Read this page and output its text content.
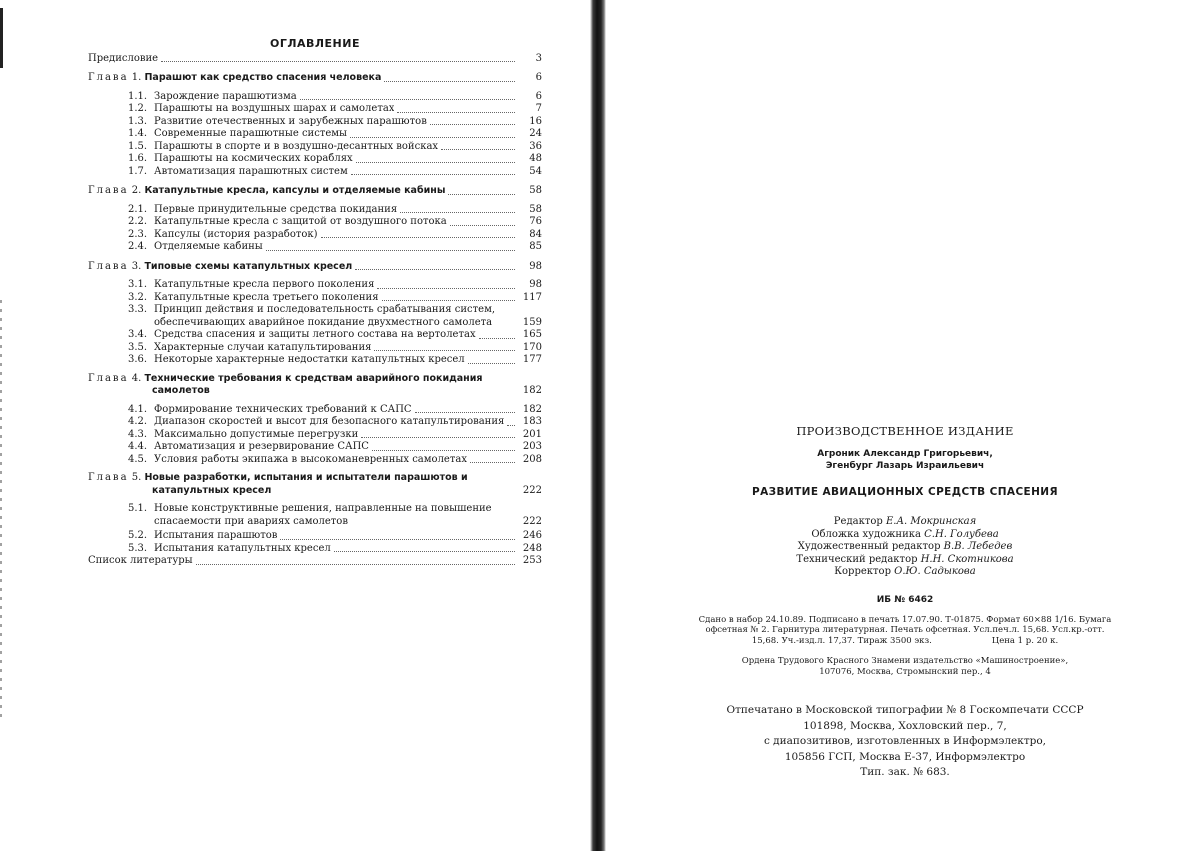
ОГЛАВЛЕНИЕ
Предисловие	3
Глава 1. Парашют как средство спасения человека	6
1.1. Зарождение парашютизма	6
1.2. Парашюты на воздушных шарах и самолетах	7
1.3. Развитие отечественных и зарубежных парашютов	16
1.4. Современные парашютные системы	24
1.5. Парашюты в спорте и в воздушно-десантных войсках	36
1.6. Парашюты на космических кораблях	48
1.7. Автоматизация парашютных систем	54
Глава 2. Катапультные кресла, капсулы и отделяемые кабины	58
2.1. Первые принудительные средства покидания	58
2.2. Катапультные кресла с защитой от воздушного потока	76
2.3. Капсулы (история разработок)	84
2.4. Отделяемые кабины	85
Глава 3. Типовые схемы катапультных кресел	98
3.1. Катапультные кресла первого поколения	98
3.2. Катапультные кресла третьего поколения	117
3.3. Принцип действия и последовательность срабатывания систем,
обеспечивающих аварийное покидание двухместного самолета	159
3.4. Средства спасения и защиты летного состава на вертолетах	165
3.5. Характерные случаи катапультирования	170
3.6. Некоторые характерные недостатки катапультных кресел	177
Глава 4. Технические требования к средствам аварийного покидания
самолетов	182
4.1. Формирование технических требований к САПС	182
4.2. Диапазон скоростей и высот для безопасного катапультирования	183
4.3. Максимально допустимые перегрузки	201
4.4. Автоматизация и резервирование САПС	203
4.5. Условия работы экипажа в высокоманевренных самолетах	208
Глава 5. Новые разработки, испытания и испытатели парашютов и
катапультных кресел	222
5.1. Новые конструктивные решения, направленные на повышение
спасаемости при авариях самолетов	222
5.2. Испытания парашютов	246
5.3. Испытания катапультных кресел	248
Список литературы	253
ПРОИЗВОДСТВЕННОЕ ИЗДАНИЕ
Агроник Александр Григорьевич,
Эгенбург Лазарь Израильевич
РАЗВИТИЕ АВИАЦИОННЫХ СРЕДСТВ СПАСЕНИЯ
Редактор Е.А. Мокринская
Обложка художника С.Н. Голубева
Художественный редактор В.В. Лебедев
Технический редактор Н.Н. Скотникова
Корректор О.Ю. Садыкова
ИБ № 6462
Сдано в набор 24.10.89. Подписано в печать 17.07.90. Т-01875. Формат 60×88 1/16. Бумага
офсетная № 2. Гарнитура литературная. Печать офсетная. Усл.печ.л. 15,68. Усл.кр.-отт.
15,68. Уч.-изд.л. 17,37. Тираж 3500 экз.	Цена 1 р. 20 к.
Ордена Трудового Красного Знамени издательство «Машиностроение»,
107076, Москва, Стромынский пер., 4
Отпечатано в Московской типографии № 8 Госкомпечати СССР
101898, Москва, Хохловский пер., 7,
с диапозитивов, изготовленных в Информэлектро,
105856 ГСП, Москва Е-37, Информэлектро
Тип. зак. № 683.
